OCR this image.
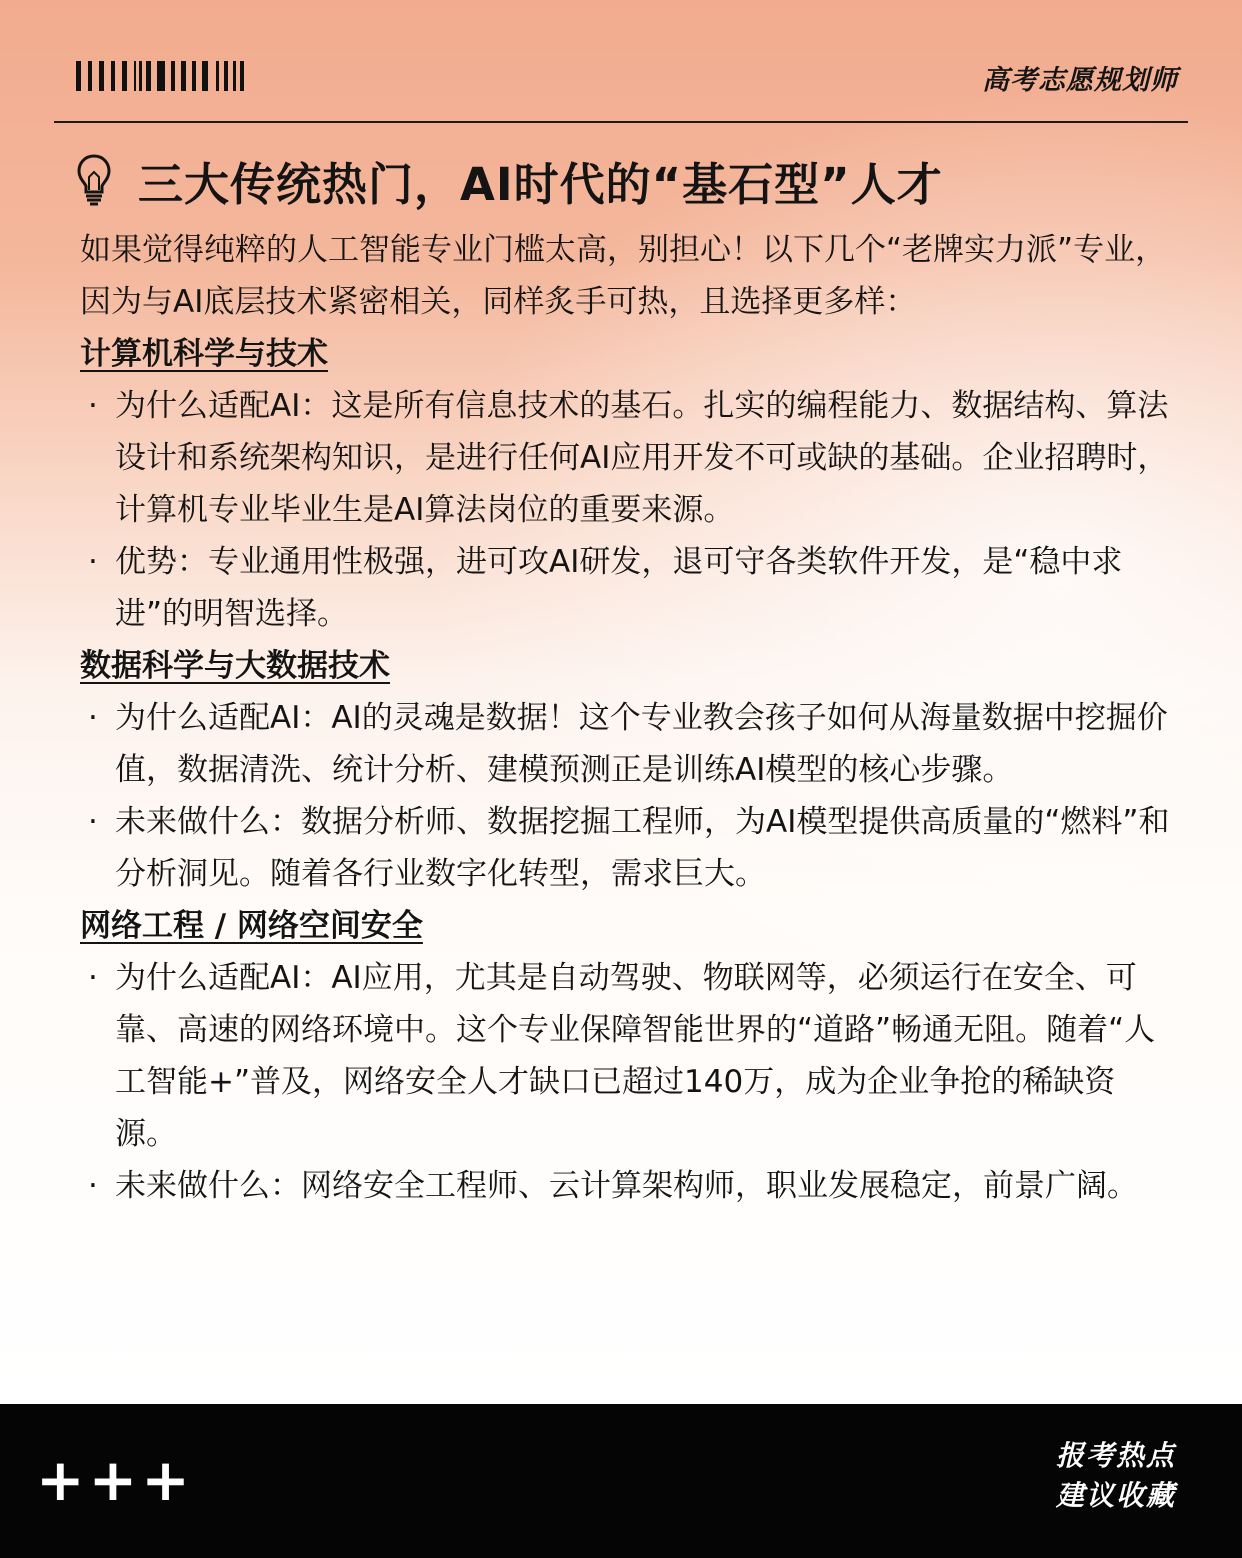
高考志愿规划师
三大传统热门，AI时代的“基石型”人才

如果觉得纯粹的人工智能专业门槛太高，别担心！以下几个“老牌实力派”专业，因为与AI底层技术紧密相关，同样炙手可热，且选择更多样：

计算机科学与技术

· 为什么适配AI：这是所有信息技术的基石。扎实的编程能力、数据结构、算法设计和系统架构知识，是进行任何AI应用开发不可或缺的基础。企业招聘时，计算机专业毕业生是AI算法岗位的重要来源。

· 优势：专业通用性极强，进可攻AI研发，退可守各类软件开发，是“稳中求进”的明智选择。

数据科学与大数据技术

· 为什么适配AI：AI的灵魂是数据！这个专业教会孩子如何从海量数据中挖掘价值，数据清洗、统计分析、建模预测正是训练AI模型的核心步骤。

· 未来做什么：数据分析师、数据挖掘工程师，为AI模型提供高质量的“燃料”和分析洞见。随着各行业数字化转型，需求巨大。

网络工程 / 网络空间安全

· 为什么适配AI：AI应用，尤其是自动驾驶、物联网等，必须运行在安全、可靠、高速的网络环境中。这个专业保障智能世界的“道路”畅通无阻。随着“人工智能+”普及，网络安全人才缺口已超过140万，成为企业争抢的稀缺资源。

· 未来做什么：网络安全工程师、云计算架构师，职业发展稳定，前景广阔。

+++	报考热点
建议收藏
